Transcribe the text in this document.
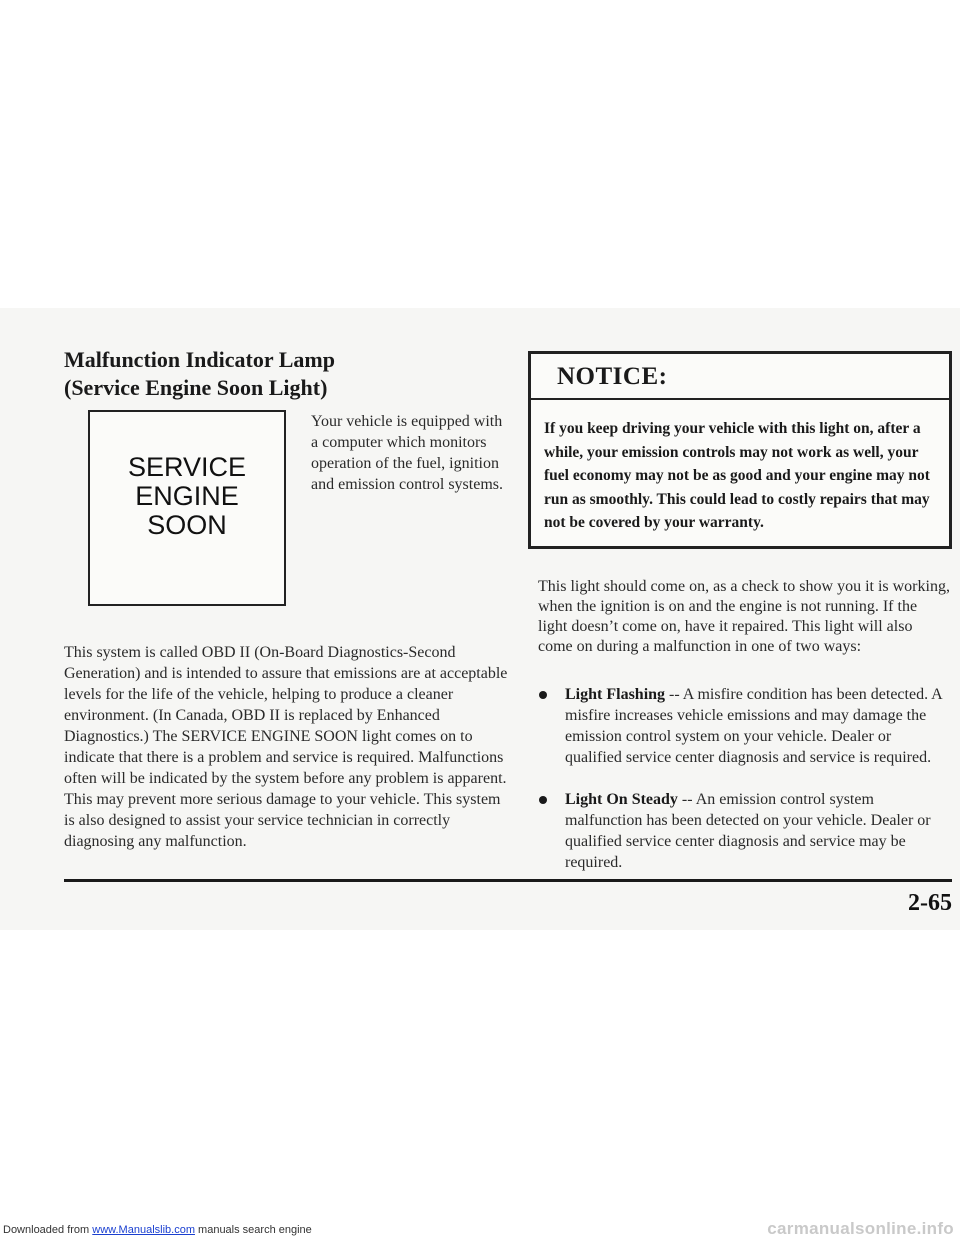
Malfunction Indicator Lamp
(Service Engine Soon Light)
SERVICE
ENGINE
SOON

Your vehicle is equipped with a computer which monitors operation of the fuel, ignition and emission control systems.

This system is called OBD II (On-Board Diagnostics-Second Generation) and is intended to assure that emissions are at acceptable levels for the life of the vehicle, helping to produce a cleaner environment. (In Canada, OBD II is replaced by Enhanced Diagnostics.) The SERVICE ENGINE SOON light comes on to indicate that there is a problem and service is required. Malfunctions often will be indicated by the system before any problem is apparent. This may prevent more serious damage to your vehicle. This system is also designed to assist your service technician in correctly diagnosing any malfunction.

NOTICE:

If you keep driving your vehicle with this light on, after a while, your emission controls may not work as well, your fuel economy may not be as good and your engine may not run as smoothly. This could lead to costly repairs that may not be covered by your warranty.

This light should come on, as a check to show you it is working, when the ignition is on and the engine is not running. If the light doesn’t come on, have it repaired. This light will also come on during a malfunction in one of two ways:

Light Flashing -- A misfire condition has been detected. A misfire increases vehicle emissions and may damage the emission control system on your vehicle. Dealer or qualified service center diagnosis and service is required.

Light On Steady -- An emission control system malfunction has been detected on your vehicle. Dealer or qualified service center diagnosis and service may be required.

2-65
Downloaded from www.Manualslib.com manuals search engine	carmanualsonline.info
